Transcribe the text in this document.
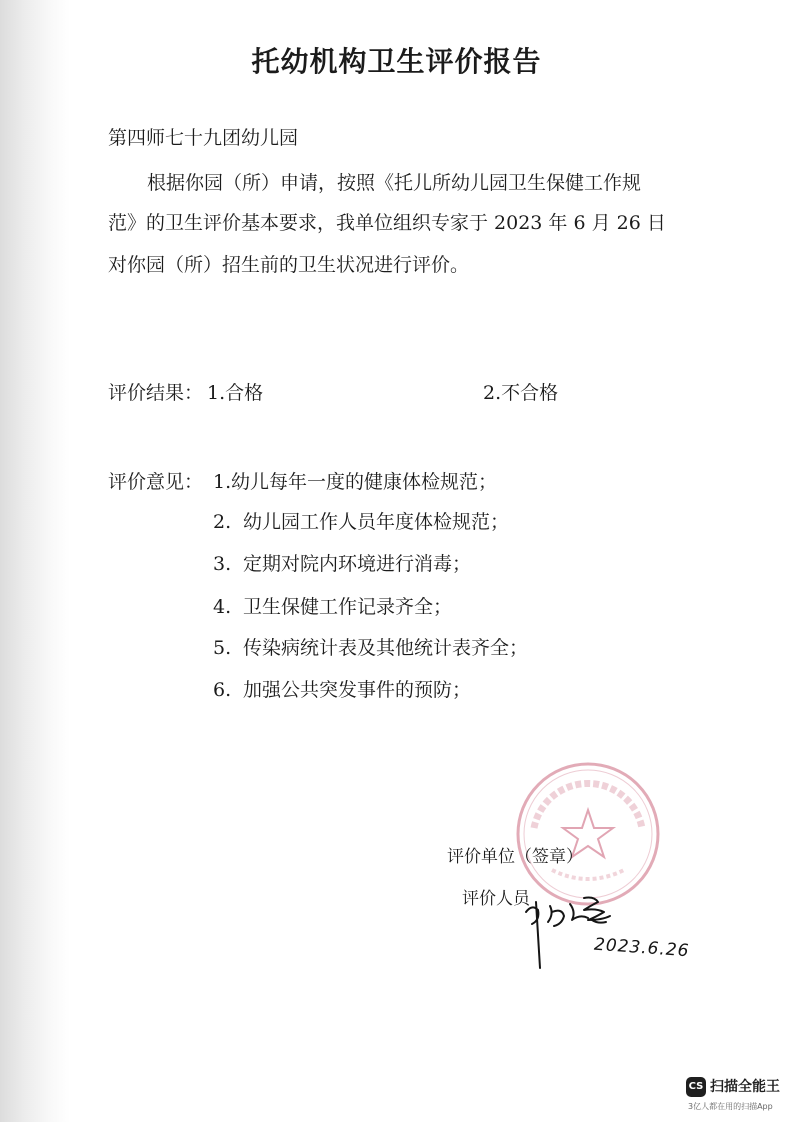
托幼机构卫生评价报告
第四师七十九团幼儿园
根据你园（所）申请，按照《托儿所幼儿园卫生保健工作规
范》的卫生评价基本要求，我单位组织专家于 2023 年 6 月 26 日
对你园（所）招生前的卫生状况进行评价。
评价结果： 1.合格	2.不合格
评价意见： 1. 幼儿每年一度的健康体检规范；
2. 幼儿园工作人员年度体检规范；
3. 定期对院内环境进行消毒；
4. 卫生保健工作记录齐全；
5. 传染病统计表及其他统计表齐全；
6. 加强公共突发事件的预防；
评价单位（签章）
评价人员
2023.6.26
CS 扫描全能王
3亿人都在用的扫描App
